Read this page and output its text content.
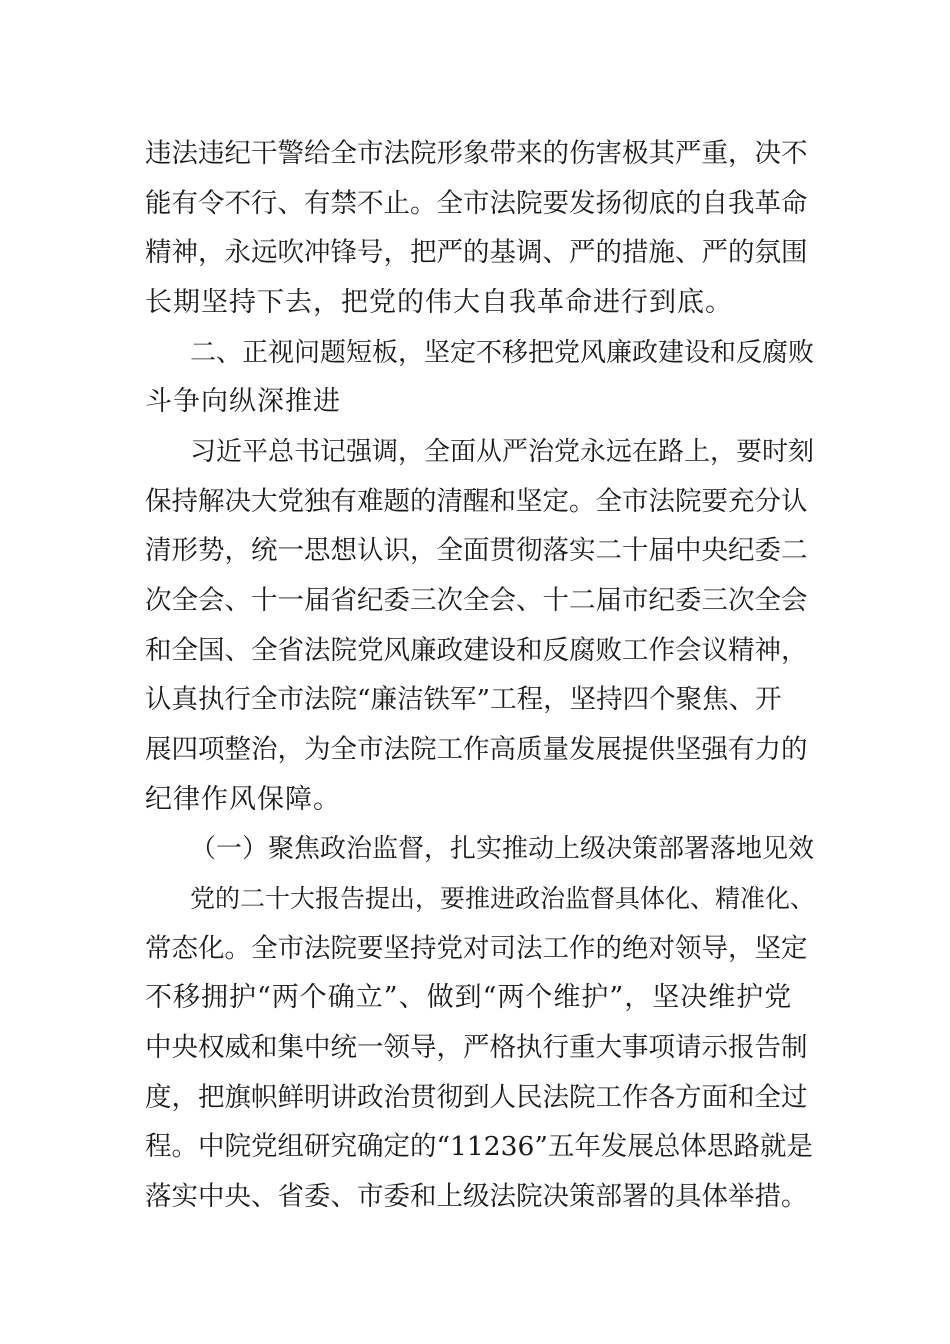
违法违纪干警给全市法院形象带来的伤害极其严重，决不
能有令不行、有禁不止。全市法院要发扬彻底的自我革命
精神，永远吹冲锋号，把严的基调、严的措施、严的氛围
长期坚持下去，把党的伟大自我革命进行到底。
二、正视问题短板，坚定不移把党风廉政建设和反腐败
斗争向纵深推进
习近平总书记强调，全面从严治党永远在路上，要时刻
保持解决大党独有难题的清醒和坚定。全市法院要充分认
清形势，统一思想认识，全面贯彻落实二十届中央纪委二
次全会、十一届省纪委三次全会、十二届市纪委三次全会
和全国、全省法院党风廉政建设和反腐败工作会议精神，
认真执行全市法院“廉洁铁军”工程，坚持四个聚焦、开
展四项整治，为全市法院工作高质量发展提供坚强有力的
纪律作风保障。
（一）聚焦政治监督，扎实推动上级决策部署落地见效
党的二十大报告提出，要推进政治监督具体化、精准化、
常态化。全市法院要坚持党对司法工作的绝对领导，坚定
不移拥护“两个确立”、做到“两个维护”，坚决维护党
中央权威和集中统一领导，严格执行重大事项请示报告制
度，把旗帜鲜明讲政治贯彻到人民法院工作各方面和全过
程。中院党组研究确定的“11236”五年发展总体思路就是
落实中央、省委、市委和上级法院决策部署的具体举措。
